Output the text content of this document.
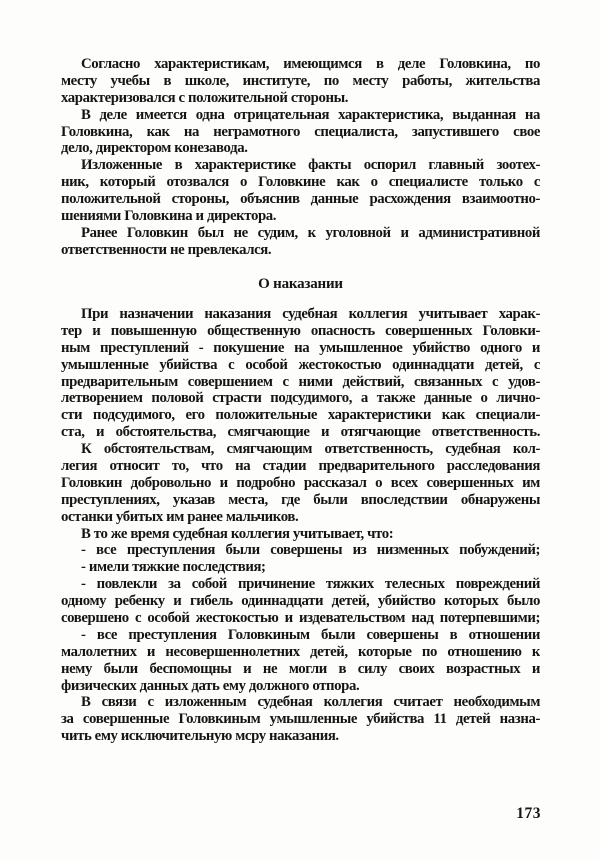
Согласно характеристикам, имеющимся в деле Головкина, по
месту учебы в школе, институте, по месту работы, жительства
характеризовался с положительной стороны.
В деле имеется одна отрицательная характеристика, выданная на
Головкина, как на неграмотного специалиста, запустившего свое
дело, директором конезавода.
Изложенные в характеристике факты оспорил главный зоотех-
ник, который отозвался о Головкине как о специалисте только с
положительной стороны, объяснив данные расхождения взаимоотно-
шениями Головкина и директора.
Ранее Головкин был не судим, к уголовной и административной
ответственности не превлекался.
О наказании
При назначении наказания судебная коллегия учитывает харак-
тер и повышенную общественную опасность совершенных Головки-
ным преступлений - покушение на умышленное убийство одного и
умышленные убийства с особой жестокостью одиннадцати детей, с
предварительным совершением с ними действий, связанных с удов-
летворением половой страсти подсудимого, а также данные о лично-
сти подсудимого, его положительные характеристики как специали-
ста, и обстоятельства, смягчающие и отягчающие ответственность.
К обстоятельствам, смягчающим ответственность, судебная кол-
легия относит то, что на стадии предварительного расследования
Головкин добровольно и подробно рассказал о всех совершенных им
преступлениях, указав места, где были впоследствии обнаружены
останки убитых им ранее мальчиков.
В то же время судебная коллегия учитывает, что:
- все преступления были совершены из низменных побуждений;
- имели тяжкие последствия;
- повлекли за собой причинение тяжких телесных повреждений
одному ребенку и гибель одиннадцати детей, убийство которых было
совершено с особой жестокостью и издевательством над потерпевшими;
- все преступления Головкиным были совершены в отношении
малолетних и несовершеннолетних детей, которые по отношению к
нему были беспомощны и не могли в силу своих возрастных и
физических данных дать ему должного отпора.
В связи с изложенным судебная коллегия считает необходимым
за совершенные Головкиным умышленные убийства 11 детей назна-
чить ему исключительную мсру наказания.
173
